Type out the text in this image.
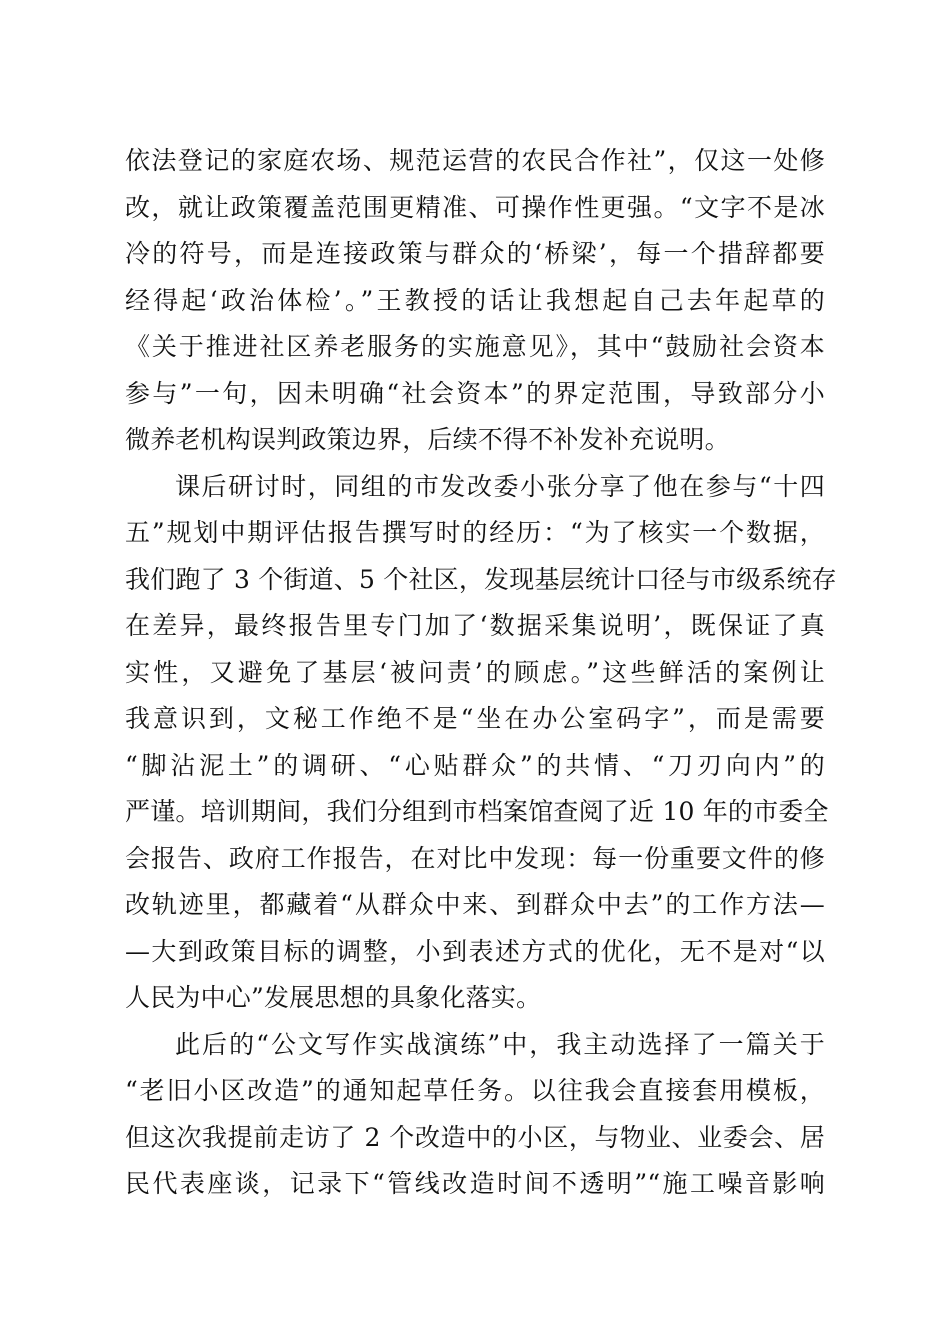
依法登记的家庭农场、规范运营的农民合作社”，仅这一处修
改，就让政策覆盖范围更精准、可操作性更强。“文字不是冰
冷的符号，而是连接政策与群众的‘桥梁’，每一个措辞都要
经得起‘政治体检’。”王教授的话让我想起自己去年起草的
《关于推进社区养老服务的实施意见》，其中“鼓励社会资本
参与”一句，因未明确“社会资本”的界定范围，导致部分小
微养老机构误判政策边界，后续不得不补发补充说明。
课后研讨时，同组的市发改委小张分享了他在参与“十四
五”规划中期评估报告撰写时的经历：“为了核实一个数据，
我们跑了 3 个街道、5 个社区，发现基层统计口径与市级系统存
在差异，最终报告里专门加了‘数据采集说明’，既保证了真
实性，又避免了基层‘被问责’的顾虑。”这些鲜活的案例让
我意识到，文秘工作绝不是“坐在办公室码字”，而是需要
“脚沾泥土”的调研、“心贴群众”的共情、“刀刃向内”的
严谨。培训期间，我们分组到市档案馆查阅了近 10 年的市委全
会报告、政府工作报告，在对比中发现：每一份重要文件的修
改轨迹里，都藏着“从群众中来、到群众中去”的工作方法—
—大到政策目标的调整，小到表述方式的优化，无不是对“以
人民为中心”发展思想的具象化落实。
此后的“公文写作实战演练”中，我主动选择了一篇关于
“老旧小区改造”的通知起草任务。以往我会直接套用模板，
但这次我提前走访了 2 个改造中的小区，与物业、业委会、居
民代表座谈，记录下“管线改造时间不透明”“施工噪音影响
